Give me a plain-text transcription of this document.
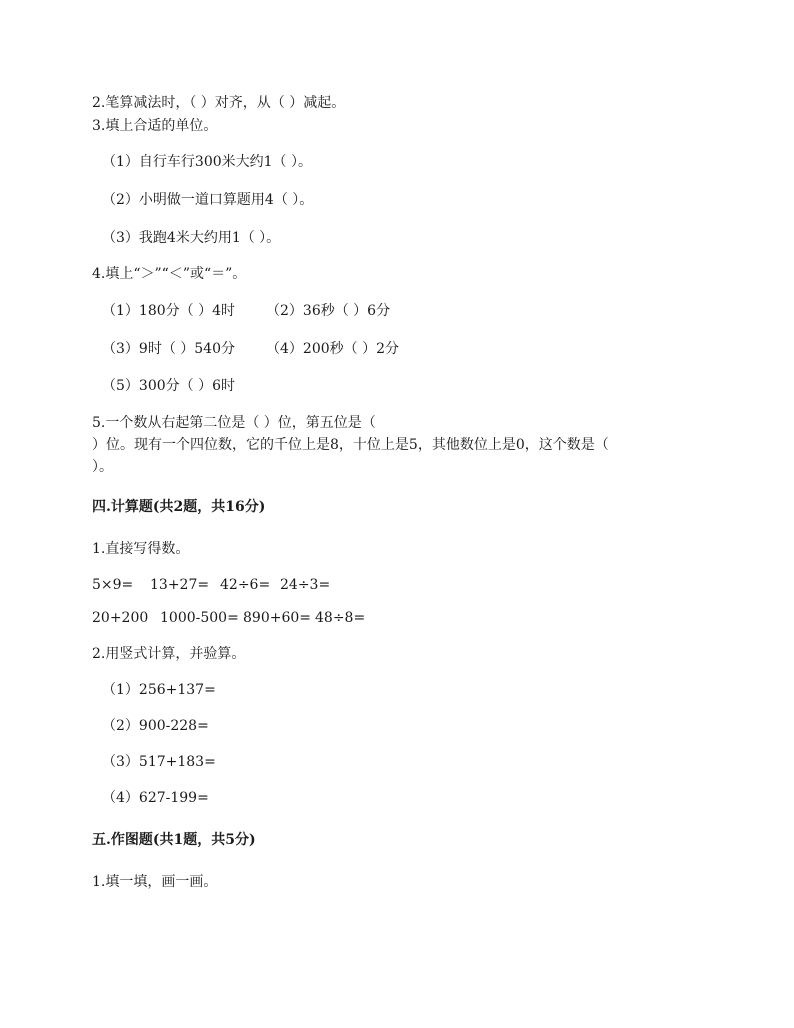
2.笔算减法时，（ ）对齐，从（ ）减起。
3.填上合适的单位。
（1）自行车行300米大约1（ ）。
（2）小明做一道口算题用4（ ）。
（3）我跑4米大约用1（ ）。
4.填上“＞”“＜”或“＝”。
（1）180分（ ）4时 （2）36秒（ ）6分
（3）9时（ ）540分 （4）200秒（ ）2分
（5）300分（ ）6时
5.一个数从右起第二位是（ ）位，第五位是（
）位。现有一个四位数，它的千位上是8，十位上是5，其他数位上是0，这个数是（
）。
四.计算题(共2题，共16分)
1.直接写得数。
5×9= 13+27= 42÷6= 24÷3=
20+200 1000-500= 890+60= 48÷8=
2.用竖式计算，并验算。
（1）256+137=
（2）900-228=
（3）517+183=
（4）627-199=
五.作图题(共1题，共5分)
1.填一填，画一画。
